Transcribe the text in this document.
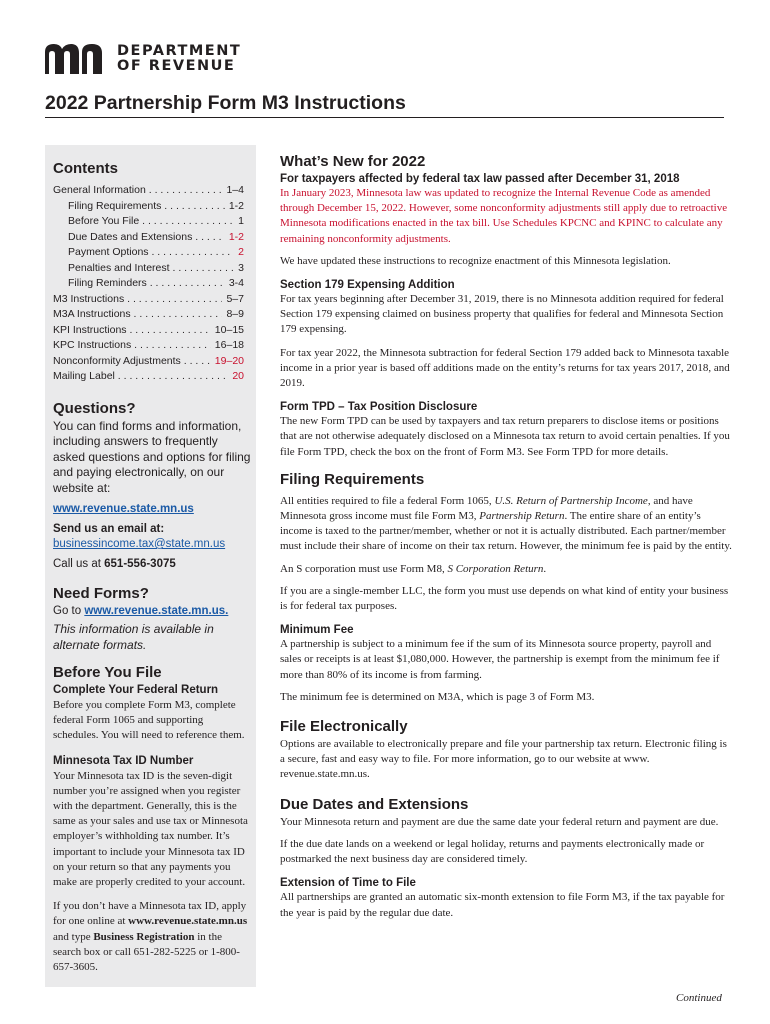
DEPARTMENT
OF REVENUE
2022 Partnership Form M3 Instructions
Contents
General Information . . .	1–4
Filing Requirements . . .	1-2
Before You File . . .	1
Due Dates and Extensions . . .	1-2
Payment Options . . .	2
Penalties and Interest . . .	3
Filing Reminders . . .	3-4
M3 Instructions . . .	5–7
M3A Instructions . . .	8–9
KPI Instructions . . .	10–15
KPC Instructions . . .	16–18
Nonconformity Adjustments . . .	19–20
Mailing Label . . .	20
Questions?

You can find forms and information, including answers to frequently asked questions and options for filing and paying electronically, on our website at:

www.revenue.state.mn.us

Send us an email at:

businessincome.tax@state.mn.us

Call us at 651-556-3075

Need Forms?

Go to www.revenue.state.mn.us.

This information is available in alternate formats.

Before You File
Complete Your Federal Return

Before you complete Form M3, complete federal Form 1065 and supporting schedules. You will need to reference them.

Minnesota Tax ID Number

Your Minnesota tax ID is the seven-digit number you’re assigned when you register with the department. Generally, this is the same as your sales and use tax or Minnesota employer’s withholding tax number. It’s important to include your Minnesota tax ID on your return so that any payments you make are properly credited to your account.

If you don’t have a Minnesota tax ID, apply for one online at www.revenue.state.mn.us and type Business Registration in the search box or call 651-282-5225 or 1-800-657-3605.

What’s New for 2022
For taxpayers affected by federal tax law passed after December 31, 2018

In January 2023, Minnesota law was updated to recognize the Internal Revenue Code as amended through December 15, 2022. However, some nonconformity adjustments still apply due to retroactive Minnesota modifications enacted in the tax bill. Use Schedules KPCNC and KPINC to calculate any remaining nonconformity adjustments.

We have updated these instructions to recognize enactment of this Minnesota legislation.

Section 179 Expensing Addition

For tax years beginning after December 31, 2019, there is no Minnesota addition required for federal Section 179 expensing claimed on business property that qualifies for federal and Minnesota Section 179 expensing.

For tax year 2022, the Minnesota subtraction for federal Section 179 added back to Minnesota taxable income in a prior year is based off additions made on the entity’s returns for tax years 2017, 2018, and 2019.

Form TPD – Tax Position Disclosure

The new Form TPD can be used by taxpayers and tax return preparers to disclose items or positions that are not otherwise adequately disclosed on a Minnesota tax return to avoid certain penalties. If you file Form TPD, check the box on the front of Form M3. See Form TPD for more details.

Filing Requirements

All entities required to file a federal Form 1065, U.S. Return of Partnership Income, and have Minnesota gross income must file Form M3, Partnership Return. The entire share of an entity’s income is taxed to the partner/member, whether or not it is actually distributed. Each partner/member must include their share of income on their tax return. However, the minimum fee is paid by the entity.

An S corporation must use Form M8, S Corporation Return.

If you are a single-member LLC, the form you must use depends on what kind of entity your business is for federal tax purposes.

Minimum Fee

A partnership is subject to a minimum fee if the sum of its Minnesota source property, payroll and sales or receipts is at least $1,080,000. However, the partnership is exempt from the minimum fee if more than 80% of its income is from farming.

The minimum fee is determined on M3A, which is page 3 of Form M3.

File Electronically

Options are available to electronically prepare and file your partnership tax return. Electronic filing is a secure, fast and easy way to file. For more information, go to our website at www. revenue.state.mn.us.

Due Dates and Extensions

Your Minnesota return and payment are due the same date your federal return and payment are due.

If the due date lands on a weekend or legal holiday, returns and payments electronically made or postmarked the next business day are considered timely.

Extension of Time to File

All partnerships are granted an automatic six-month extension to file Form M3, if the tax payable for the year is paid by the regular due date.

Continued
